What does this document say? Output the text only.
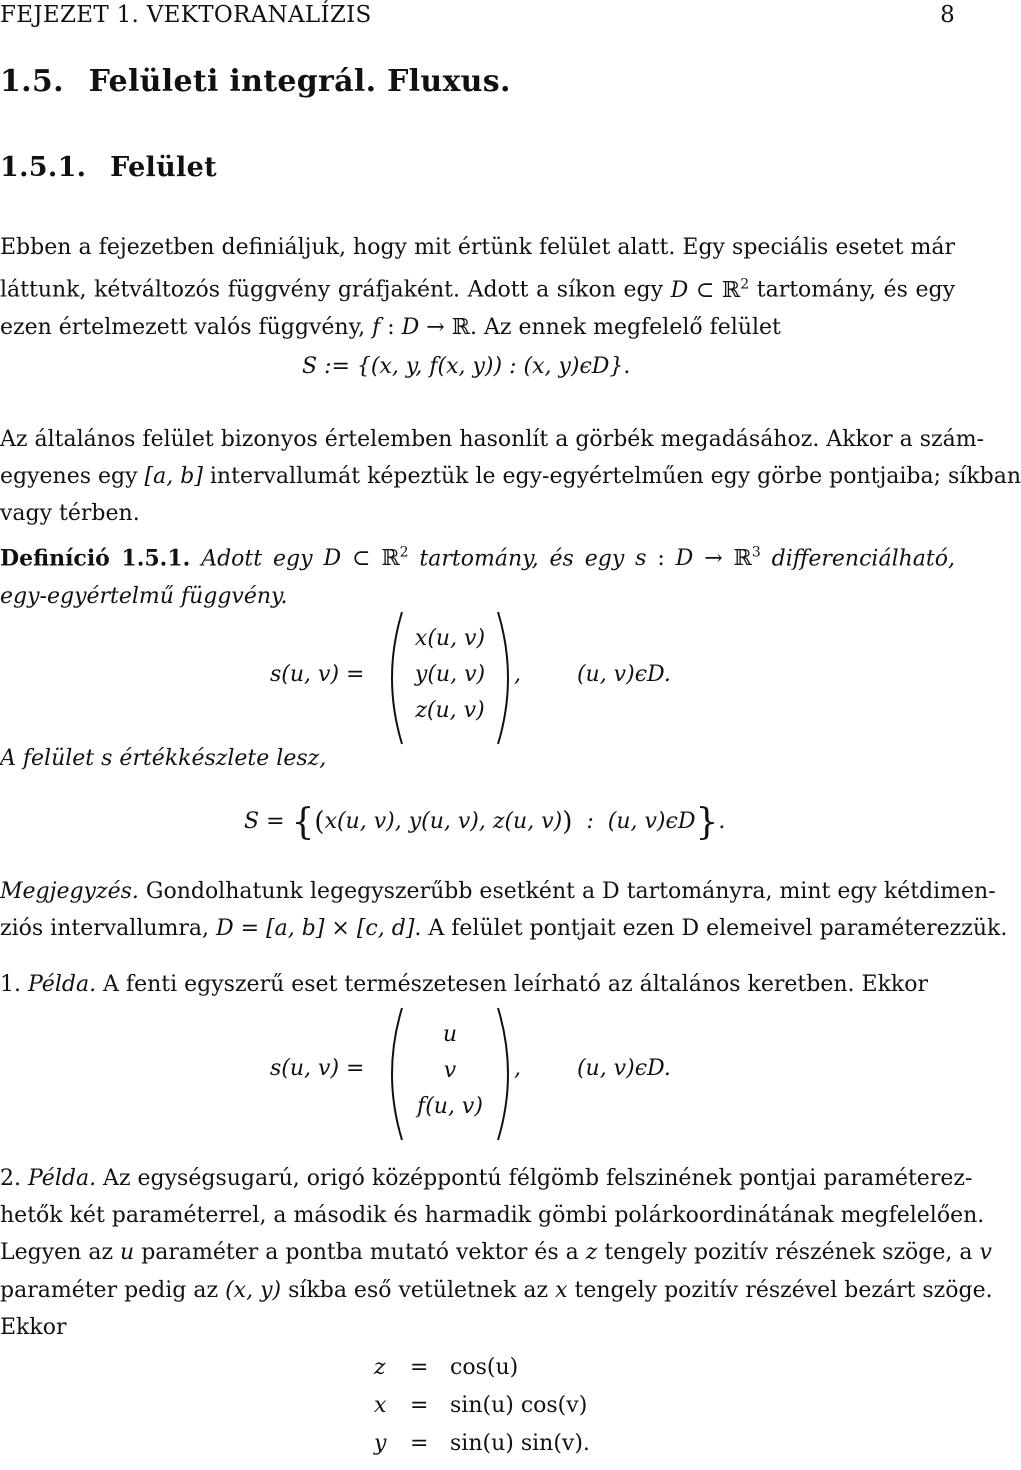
FEJEZET 1. VEKTORANALÍZIS	8
1.5. Felületi integrál. Fluxus.
1.5.1. Felület
Ebben a fejezetben definiáljuk, hogy mit értünk felület alatt. Egy speciális esetet már
láttunk, kétváltozós függvény gráfjaként. Adott a síkon egy D ⊂ ℝ$^2$ tartomány, és egy
ezen értelmezett valós függvény, f : D → ℝ. Az ennek megfelelő felület
S := {(x, y, f(x, y)) : (x, y)ϵD}.
Az általános felület bizonyos értelemben hasonlít a görbék megadásához. Akkor a szám-
egyenes egy [a, b] intervallumát képeztük le egy-egyértelműen egy görbe pontjaiba; síkban
vagy térben.
Definíció 1.5.1. Adott egy D ⊂ ℝ$^2$ tartomány, és egy s : D → ℝ$^3$ differenciálható,
egy-egyértelmű függvény.
s(u, v) =
x(u, v)
y(u, v)
z(u, v)
,        (u, v)ϵD.
A felület s értékkészlete lesz,
S = {(x(u, v), y(u, v), z(u, v))  :  (u, v)ϵD}.
Megjegyzés. Gondolhatunk legegyszerűbb esetként a D tartományra, mint egy kétdimen-
ziós intervallumra, D = [a, b] × [c, d]. A felület pontjait ezen D elemeivel paraméterezzük.
1. Példa. A fenti egyszerű eset természetesen leírható az általános keretben. Ekkor
s(u, v) =
u
v
f(u, v)
,        (u, v)ϵD.
2. Példa. Az egységsugarú, origó középpontú félgömb felszinének pontjai paraméterez-
hetők két paraméterrel, a második és harmadik gömbi polárkoordinátának megfelelően.
Legyen az u paraméter a pontba mutató vektor és a z tengely pozitív részének szöge, a v
paraméter pedig az (x, y) síkba eső vetületnek az x tengely pozitív részével bezárt szöge.
Ekkor
z = cos(u)
x = sin(u) cos(v)
y = sin(u) sin(v).
